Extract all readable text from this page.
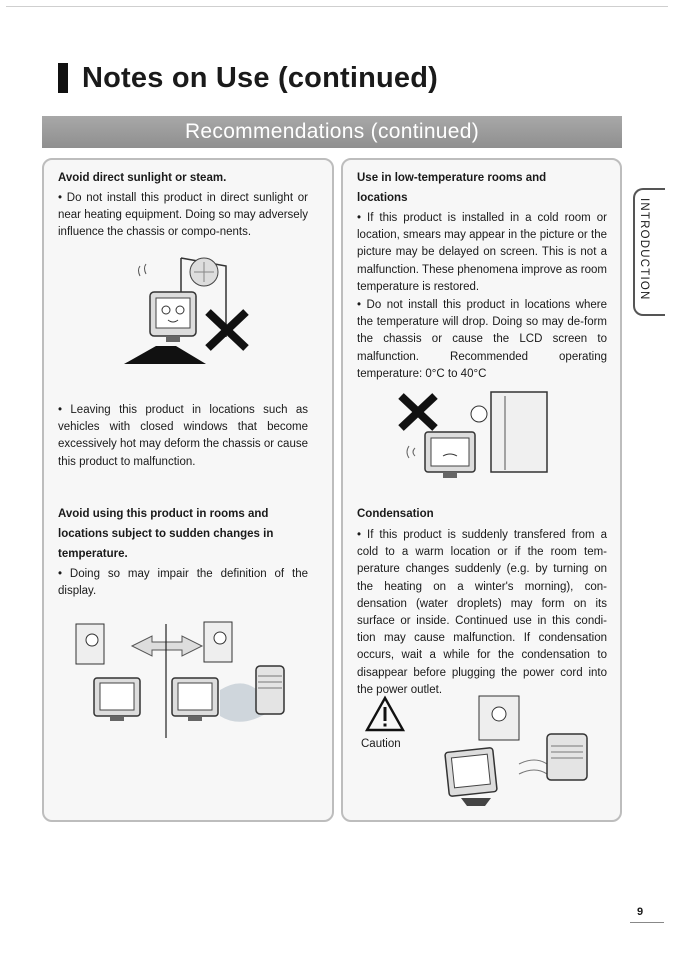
Notes on Use (continued)
Recommendations (continued)
Avoid direct sunlight or steam.
• Do not install this product in direct sunlight or near heating equipment. Doing so may adversely influence the chassis or compo-nents.
• Leaving this product in locations such as vehicles with closed windows that become excessively hot may deform the chassis or cause this product to malfunction.
Avoid using this product in rooms and locations subject to sudden changes in temperature.
• Doing so may impair the definition of the display.
Use in low-temperature rooms and locations
• If this product is installed in a cold room or location, smears may appear in the picture or the picture may be delayed on screen. This is not a malfunction. These phenomena improve as room temperature is restored.
• Do not install this product in locations where the temperature will drop. Doing so may de-form the chassis or cause the LCD screen to malfunction. Recommended operating temperature: 0°C to 40°C
Condensation
• If this product is suddenly transfered from a cold to a warm location or if the room tem-perature changes suddenly (e.g. by turning on the heating on a winter's morning), con-densation (water droplets) may form on its surface or inside. Continued use in this condi-tion may cause malfunction. If condensation occurs, wait a while for the condensation to disappear before plugging the power cord into the power outlet.
Caution
INTRODUCTION
9
